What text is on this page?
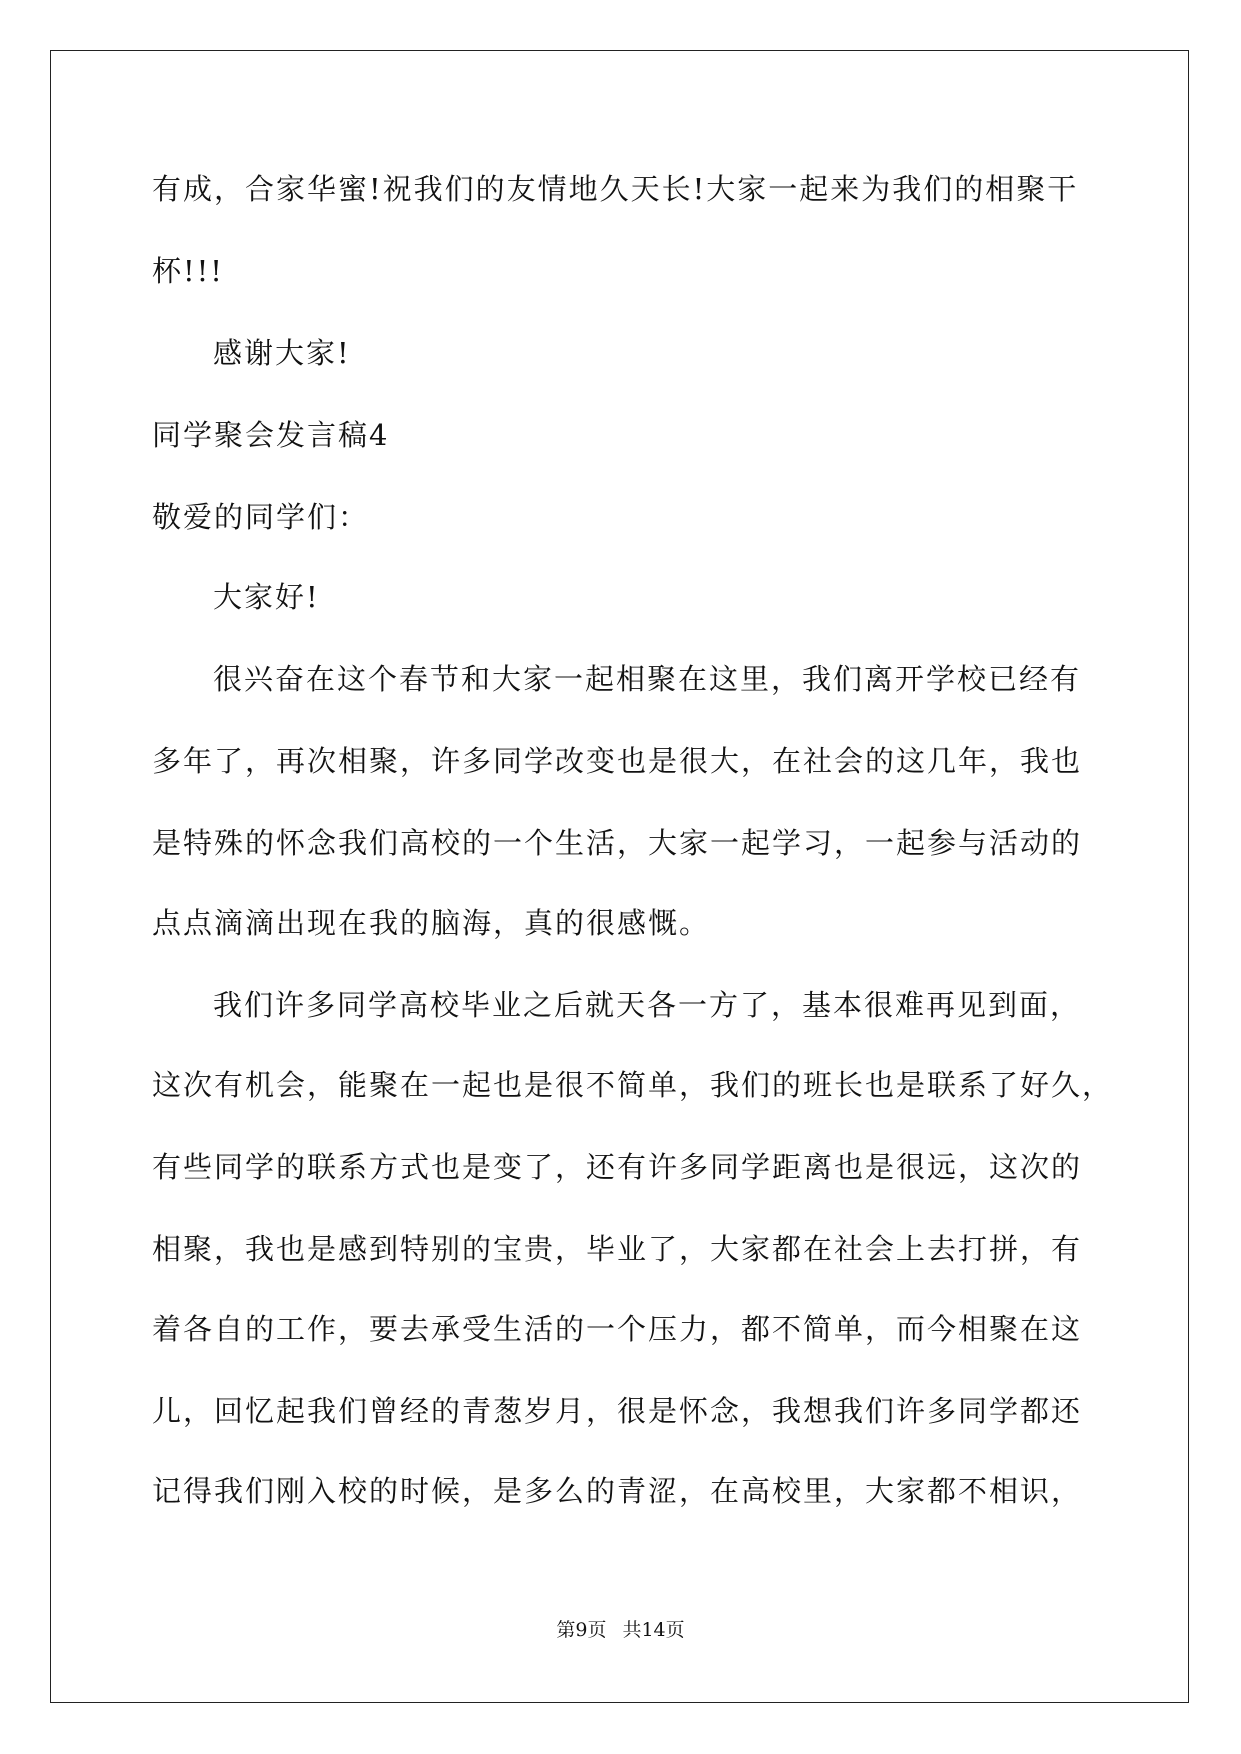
有成，合家华蜜!祝我们的友情地久天长!大家一起来为我们的相聚干
杯!!!
感谢大家!
同学聚会发言稿4
敬爱的同学们：
大家好!
很兴奋在这个春节和大家一起相聚在这里，我们离开学校已经有
多年了，再次相聚，许多同学改变也是很大，在社会的这几年，我也
是特殊的怀念我们高校的一个生活，大家一起学习，一起参与活动的
点点滴滴出现在我的脑海，真的很感慨。
我们许多同学高校毕业之后就天各一方了，基本很难再见到面，
这次有机会，能聚在一起也是很不简单，我们的班长也是联系了好久，
有些同学的联系方式也是变了，还有许多同学距离也是很远，这次的
相聚，我也是感到特别的宝贵，毕业了，大家都在社会上去打拼，有
着各自的工作，要去承受生活的一个压力，都不简单，而今相聚在这
儿，回忆起我们曾经的青葱岁月，很是怀念，我想我们许多同学都还
记得我们刚入校的时候，是多么的青涩，在高校里，大家都不相识，
第9页 共14页
